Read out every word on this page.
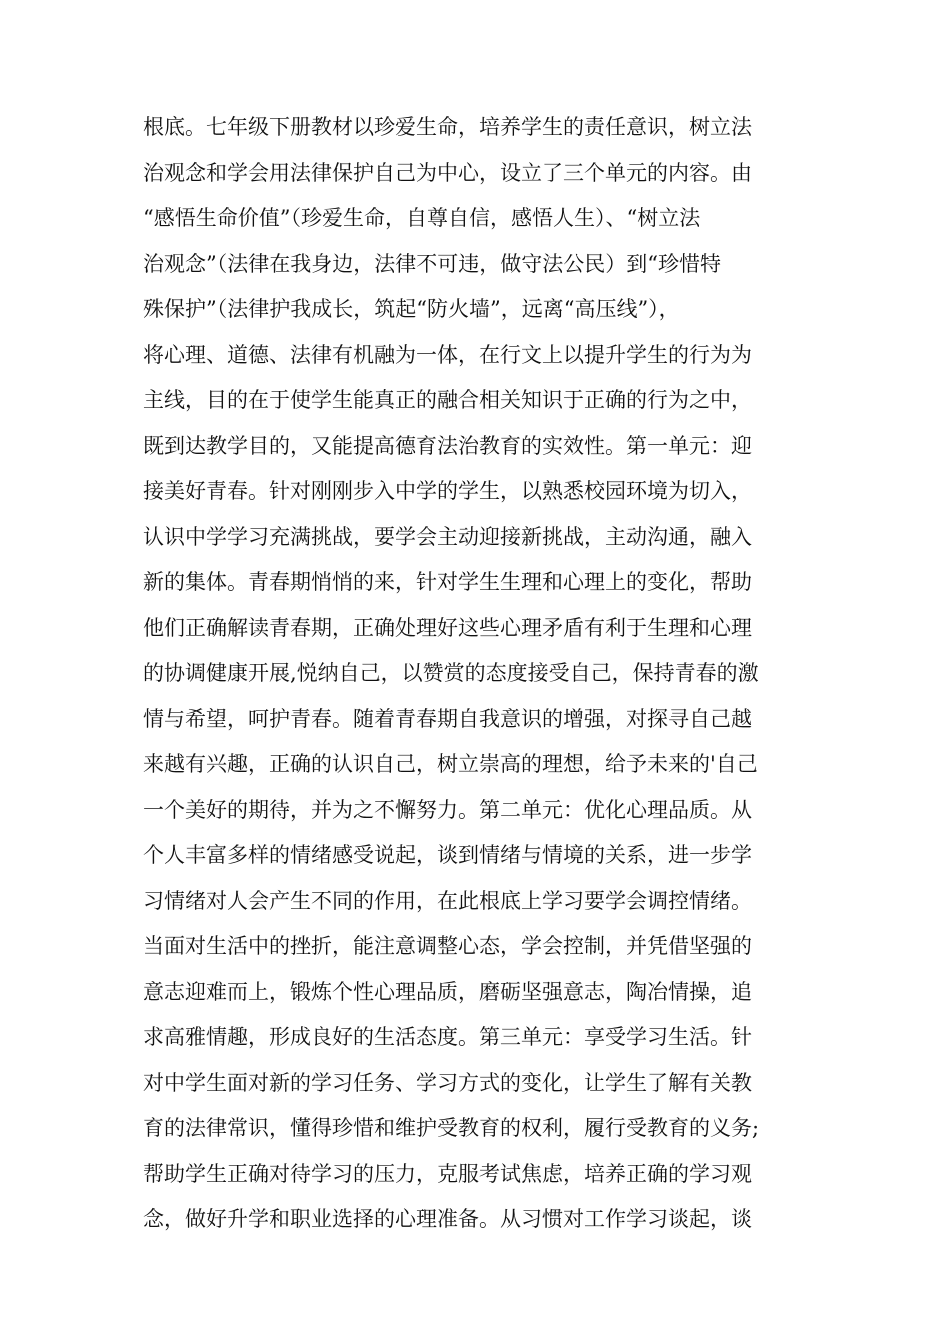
根底。七年级下册教材以珍爱生命，培养学生的责任意识，树立法
治观念和学会用法律保护自己为中心，设立了三个单元的内容。由
“感悟生命价值”（珍爱生命，自尊自信，感悟人生）、“树立法
治观念”（法律在我身边，法律不可违，做守法公民）到“珍惜特
殊保护”（法律护我成长，筑起“防火墙”，远离“高压线”），
将心理、道德、法律有机融为一体，在行文上以提升学生的行为为
主线，目的在于使学生能真正的融合相关知识于正确的行为之中，
既到达教学目的，又能提高德育法治教育的实效性。第一单元：迎
接美好青春。针对刚刚步入中学的学生，以熟悉校园环境为切入，
认识中学学习充满挑战，要学会主动迎接新挑战，主动沟通，融入
新的集体。青春期悄悄的来，针对学生生理和心理上的变化，帮助
他们正确解读青春期，正确处理好这些心理矛盾有利于生理和心理
的协调健康开展,悦纳自己，以赞赏的态度接受自己，保持青春的激
情与希望，呵护青春。随着青春期自我意识的增强，对探寻自己越
来越有兴趣，正确的认识自己，树立崇高的理想，给予未来的'自己
一个美好的期待，并为之不懈努力。第二单元：优化心理品质。从
个人丰富多样的情绪感受说起，谈到情绪与情境的关系，进一步学
习情绪对人会产生不同的作用，在此根底上学习要学会调控情绪。
当面对生活中的挫折，能注意调整心态，学会控制，并凭借坚强的
意志迎难而上，锻炼个性心理品质，磨砺坚强意志，陶冶情操，追
求高雅情趣，形成良好的生活态度。第三单元：享受学习生活。针
对中学生面对新的学习任务、学习方式的变化，让学生了解有关教
育的法律常识，懂得珍惜和维护受教育的权利，履行受教育的义务;
帮助学生正确对待学习的压力，克服考试焦虑，培养正确的学习观
念，做好升学和职业选择的心理准备。从习惯对工作学习谈起，谈
